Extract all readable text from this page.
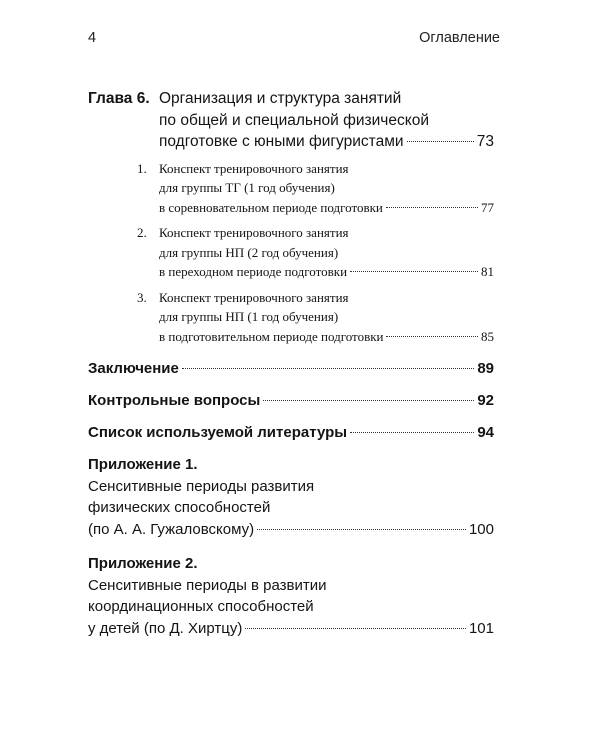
4	Оглавление
Глава 6. Организация и структура занятий
по общей и специальной физической
подготовке с юными фигуристами	73
1. Конспект тренировочного занятия
для группы ТГ (1 год обучения)
в соревновательном периоде подготовки	77
2. Конспект тренировочного занятия
для группы НП (2 год обучения)
в переходном периоде подготовки	81
3. Конспект тренировочного занятия
для группы НП (1 год обучения)
в подготовительном периоде подготовки	85
Заключение	89
Контрольные вопросы	92
Список используемой литературы	94
Приложение 1.
Сенситивные периоды развития
физических способностей
(по А. А. Гужаловскому)	100
Приложение 2.
Сенситивные периоды в развитии
координационных способностей
у детей (по Д. Хиртцу)	101
